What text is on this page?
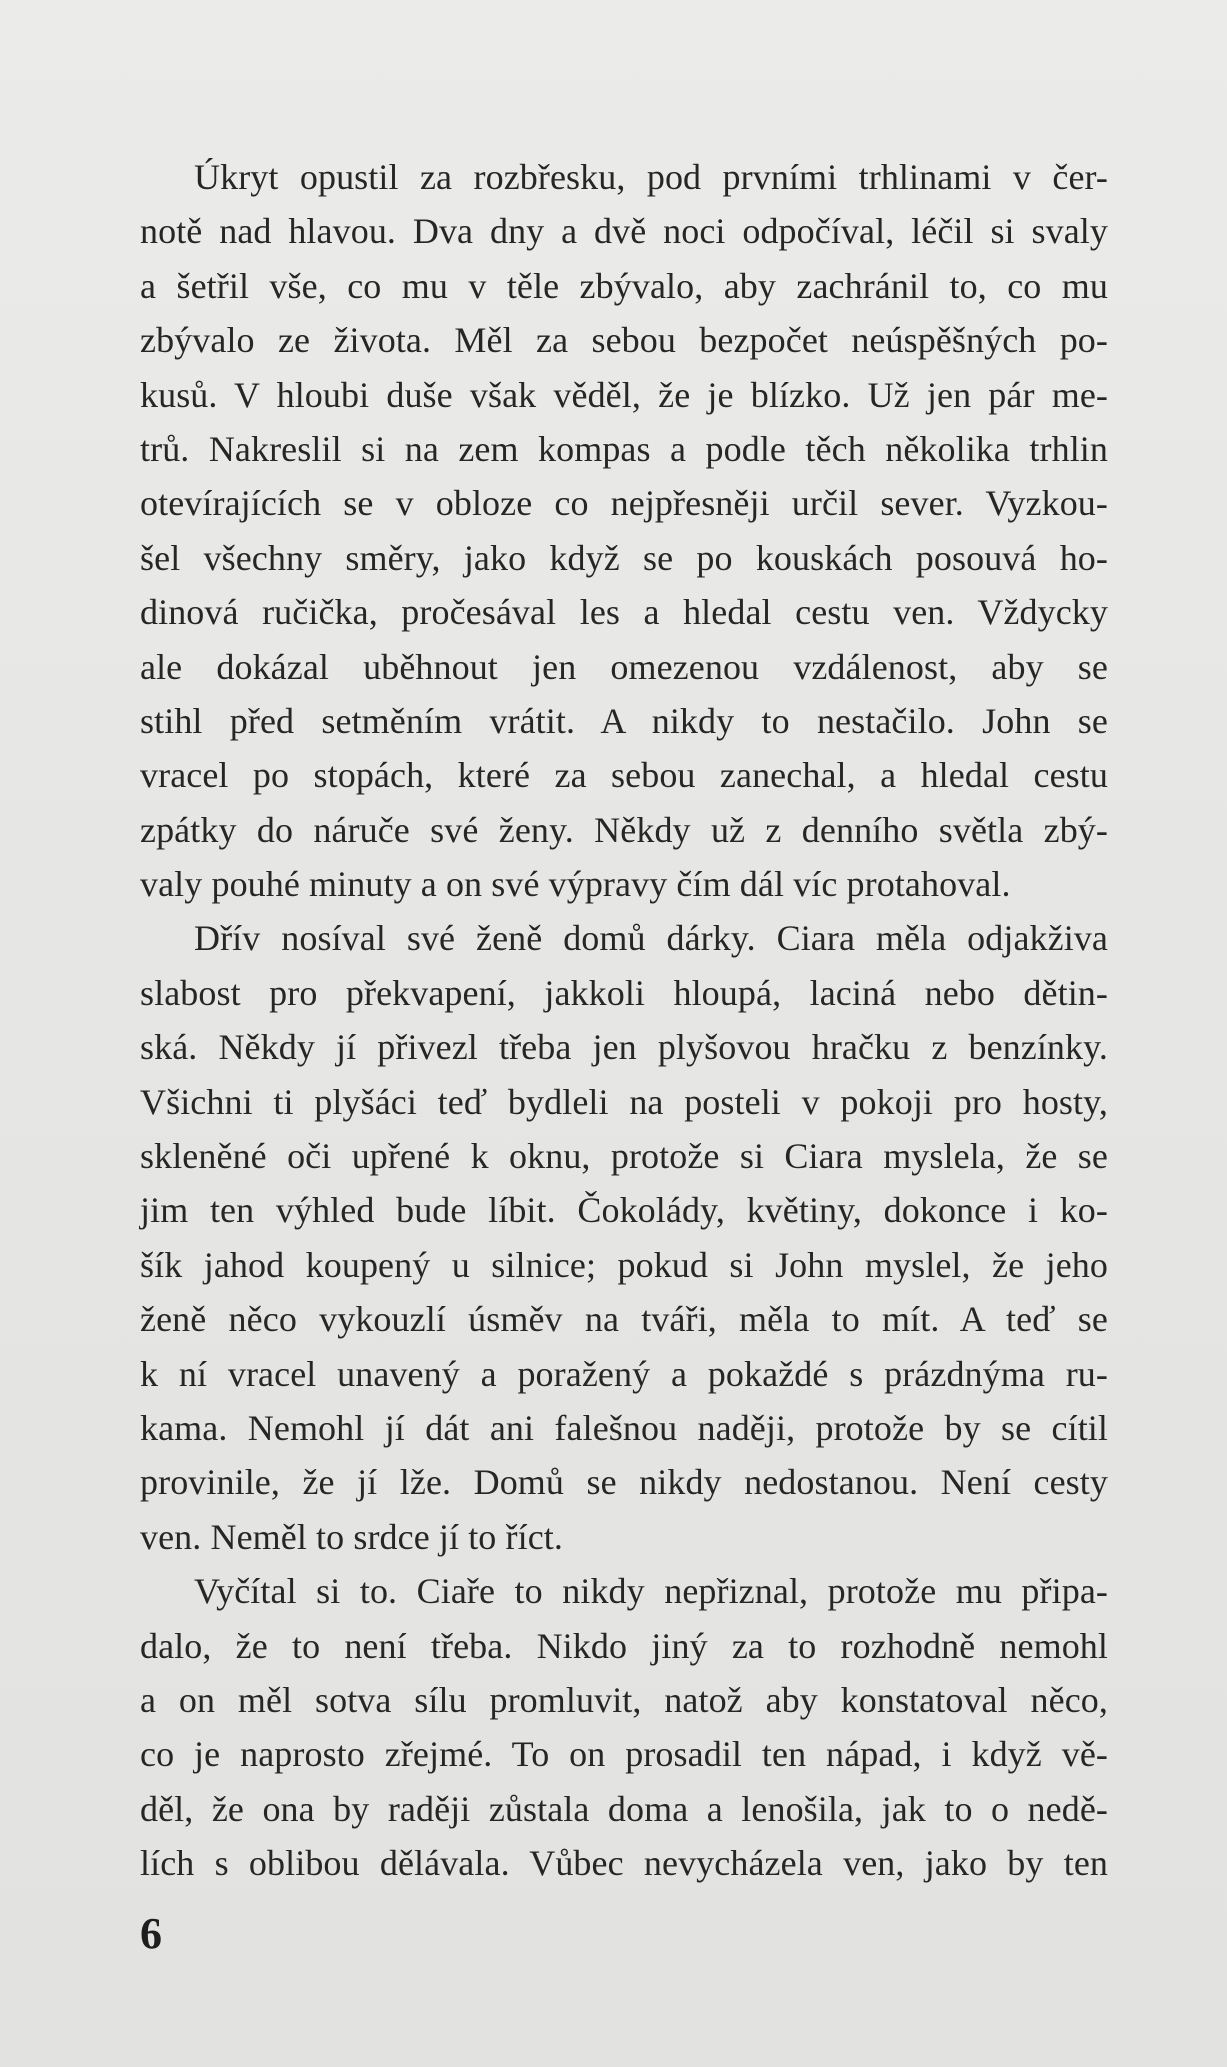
Úkryt opustil za rozbřesku, pod prvními trhlinami v čer-
notě nad hlavou. Dva dny a dvě noci odpočíval, léčil si svaly
a šetřil vše, co mu v těle zbývalo, aby zachránil to, co mu
zbývalo ze života. Měl za sebou bezpočet neúspěšných po-
kusů. V hloubi duše však věděl, že je blízko. Už jen pár me-
trů. Nakreslil si na zem kompas a podle těch několika trhlin
otevírajících se v obloze co nejpřesněji určil sever. Vyzkou-
šel všechny směry, jako když se po kouskách posouvá ho-
dinová ručička, pročesával les a hledal cestu ven. Vždycky
ale dokázal uběhnout jen omezenou vzdálenost, aby se
stihl před setměním vrátit. A nikdy to nestačilo. John se
vracel po stopách, které za sebou zanechal, a hledal cestu
zpátky do náruče své ženy. Někdy už z denního světla zbý-
valy pouhé minuty a on své výpravy čím dál víc protahoval.
Dřív nosíval své ženě domů dárky. Ciara měla odjakživa
slabost pro překvapení, jakkoli hloupá, laciná nebo dětin-
ská. Někdy jí přivezl třeba jen plyšovou hračku z benzínky.
Všichni ti plyšáci teď bydleli na posteli v pokoji pro hosty,
skleněné oči upřené k oknu, protože si Ciara myslela, že se
jim ten výhled bude líbit. Čokolády, květiny, dokonce i ko-
šík jahod koupený u silnice; pokud si John myslel, že jeho
ženě něco vykouzlí úsměv na tváři, měla to mít. A teď se
k ní vracel unavený a poražený a pokaždé s prázdnýma ru-
kama. Nemohl jí dát ani falešnou naději, protože by se cítil
provinile, že jí lže. Domů se nikdy nedostanou. Není cesty
ven. Neměl to srdce jí to říct.
Vyčítal si to. Ciaře to nikdy nepřiznal, protože mu připa-
dalo, že to není třeba. Nikdo jiný za to rozhodně nemohl
a on měl sotva sílu promluvit, natož aby konstatoval něco,
co je naprosto zřejmé. To on prosadil ten nápad, i když vě-
děl, že ona by raději zůstala doma a lenošila, jak to o nedě-
lích s oblibou dělávala. Vůbec nevycházela ven, jako by ten
6
